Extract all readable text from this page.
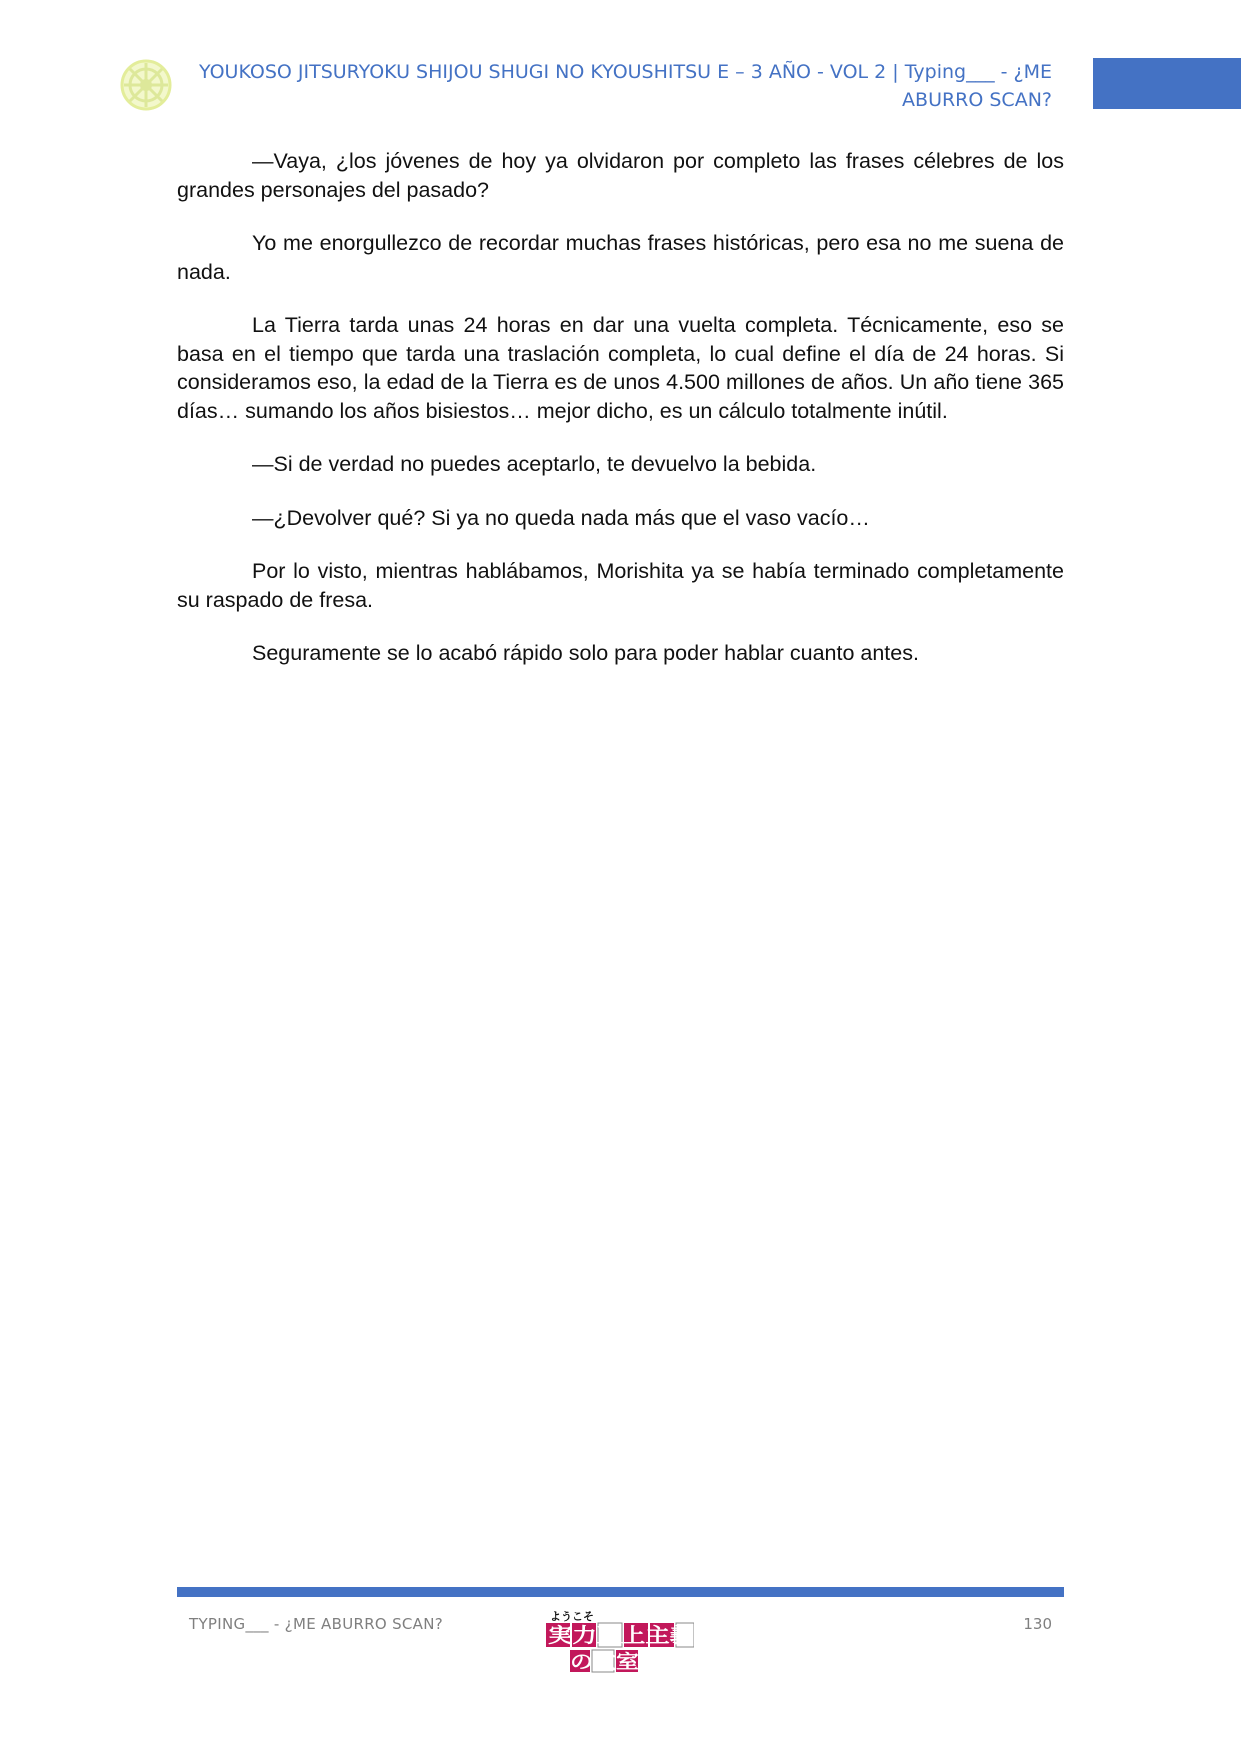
YOUKOSO JITSURYOKU SHIJOU SHUGI NO KYOUSHITSU E – 3 AÑO - VOL 2 | Typing___ - ¿ME
ABURRO SCAN?

—Vaya, ¿los jóvenes de hoy ya olvidaron por completo las frases célebres de los grandes personajes del pasado?

Yo me enorgullezco de recordar muchas frases históricas, pero esa no me suena de nada.

La Tierra tarda unas 24 horas en dar una vuelta completa. Técnicamente, eso se basa en el tiempo que tarda una traslación completa, lo cual define el día de 24 horas. Si consideramos eso, la edad de la Tierra es de unos 4.500 millones de años. Un año tiene 365 días… sumando los años bisiestos… mejor dicho, es un cálculo totalmente inútil.

—Si de verdad no puedes aceptarlo, te devuelvo la bebida.

—¿Devolver qué? Si ya no queda nada más que el vaso vacío…

Por lo visto, mientras hablábamos, Morishita ya se había terminado completamente su raspado de fresa.

Seguramente se lo acabó rápido solo para poder hablar cuanto antes.

TYPING___ - ¿ME ABURRO SCAN?	ようこそ
実力至上主義
の教室へ
130
